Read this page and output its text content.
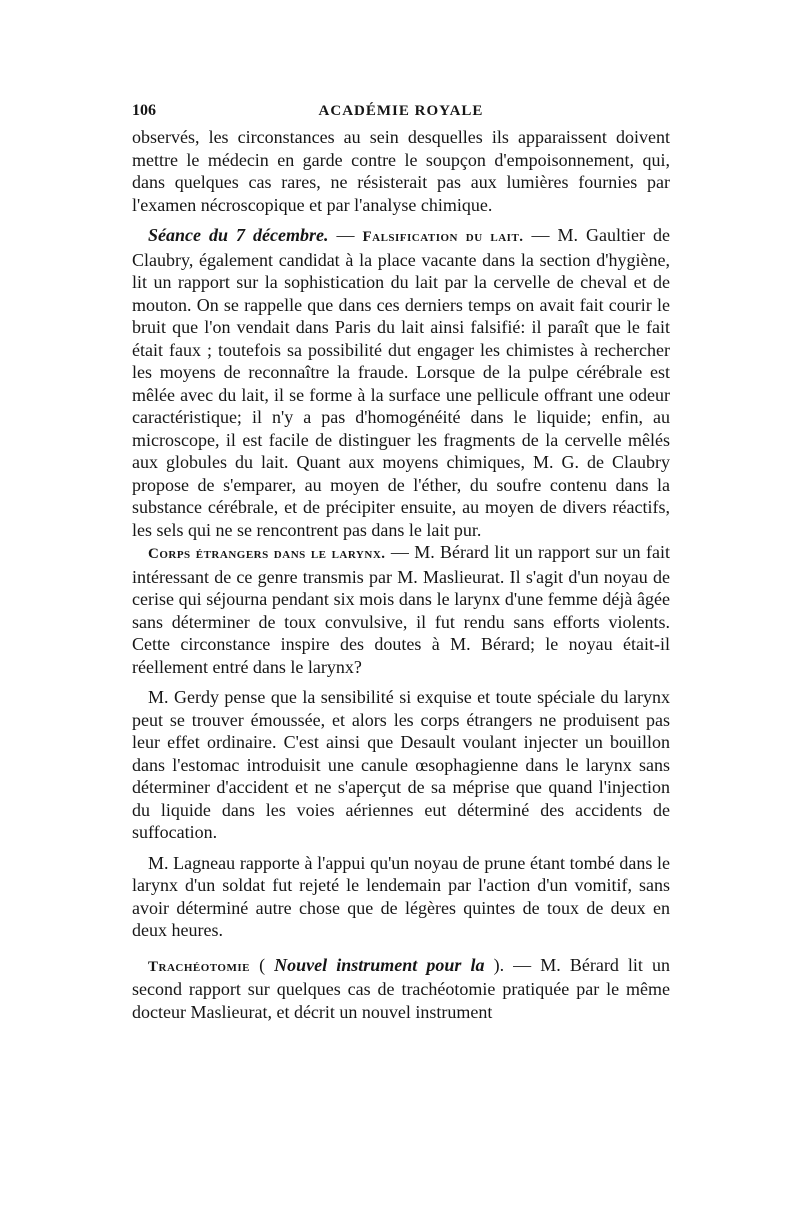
106	ACADÉMIE ROYALE

observés, les circonstances au sein desquelles ils apparaissent doivent mettre le médecin en garde contre le soupçon d'empoisonnement, qui, dans quelques cas rares, ne résisterait pas aux lumières fournies par l'examen nécroscopique et par l'analyse chimique.

Séance du 7 décembre. — Falsification du lait. — M. Gaultier de Claubry, également candidat à la place vacante dans la section d'hygiène, lit un rapport sur la sophistication du lait par la cervelle de cheval et de mouton. On se rappelle que dans ces derniers temps on avait fait courir le bruit que l'on vendait dans Paris du lait ainsi falsifié: il paraît que le fait était faux ; toutefois sa possibilité dut engager les chimistes à rechercher les moyens de reconnaître la fraude. Lorsque de la pulpe cérébrale est mêlée avec du lait, il se forme à la surface une pellicule offrant une odeur caractéristique; il n'y a pas d'homogénéité dans le liquide; enfin, au microscope, il est facile de distinguer les fragments de la cervelle mêlés aux globules du lait. Quant aux moyens chimiques, M. G. de Claubry propose de s'emparer, au moyen de l'éther, du soufre contenu dans la substance cérébrale, et de précipiter ensuite, au moyen de divers réactifs, les sels qui ne se rencontrent pas dans le lait pur.

Corps étrangers dans le larynx. — M. Bérard lit un rapport sur un fait intéressant de ce genre transmis par M. Maslieurat. Il s'agit d'un noyau de cerise qui séjourna pendant six mois dans le larynx d'une femme déjà âgée sans déterminer de toux convulsive, il fut rendu sans efforts violents. Cette circonstance inspire des doutes à M. Bérard; le noyau était-il réellement entré dans le larynx?

M. Gerdy pense que la sensibilité si exquise et toute spéciale du larynx peut se trouver émoussée, et alors les corps étrangers ne produisent pas leur effet ordinaire. C'est ainsi que Desault voulant injecter un bouillon dans l'estomac introduisit une canule œsophagienne dans le larynx sans déterminer d'accident et ne s'aperçut de sa méprise que quand l'injection du liquide dans les voies aériennes eut déterminé des accidents de suffocation.

M. Lagneau rapporte à l'appui qu'un noyau de prune étant tombé dans le larynx d'un soldat fut rejeté le lendemain par l'action d'un vomitif, sans avoir déterminé autre chose que de légères quintes de toux de deux en deux heures.

Trachéotomie ( Nouvel instrument pour la ). — M. Bérard lit un second rapport sur quelques cas de trachéotomie pratiquée par le même docteur Maslieurat, et décrit un nouvel instrument
